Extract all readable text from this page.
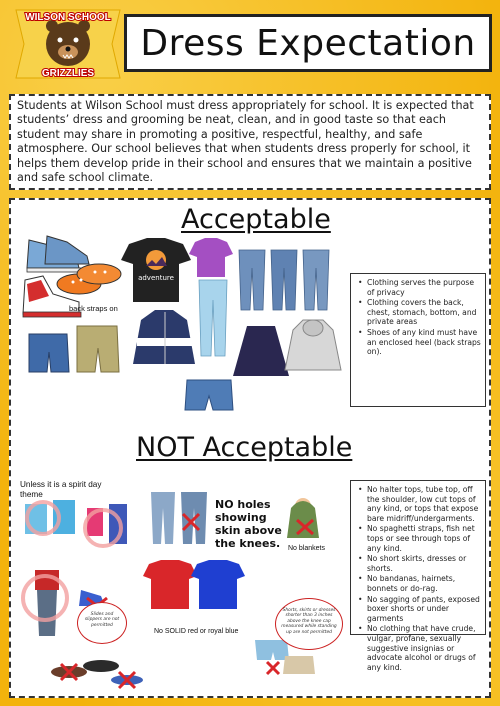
WILSON SCHOOL
GRIZZLIES
Dress Expectation
Students at Wilson School must dress appropriately for school. It is expected that students’ dress and grooming be neat, clean, and in good taste so that each student may share in promoting a positive, respectful, healthy, and safe atmosphere. Our school believes that when students dress properly for school, it helps them develop pride in their school and ensures that we maintain a positive and safe school climate.
Acceptable
adventure
back straps on
• Clothing serves the purpose of privacy
• Clothing covers the back, chest, stomach, bottom, and private areas
• Shoes of any kind must have an enclosed heel (back straps on).
NOT Acceptable
Unless it is a spirit day theme
NO holes showing skin above the knees.	No blankets
No SOLID red or royal blue
Slides and slippers are not permitted
Shorts, skirts or dresses shorter than 3 inches above the knee cap measured while standing up are not permitted
• No halter tops, tube top, off the shoulder, low cut tops of any kind, or tops that expose bare midriff/undergarments.
• No spaghetti straps, fish net tops or see through tops of any kind.
• No short skirts, dresses or shorts.
• No bandanas, hairnets, bonnets or do-rag.
• No sagging of pants, exposed boxer shorts or under garments
• No clothing that have crude, vulgar, profane, sexually suggestive insignias or advocate alcohol or drugs of any kind.
